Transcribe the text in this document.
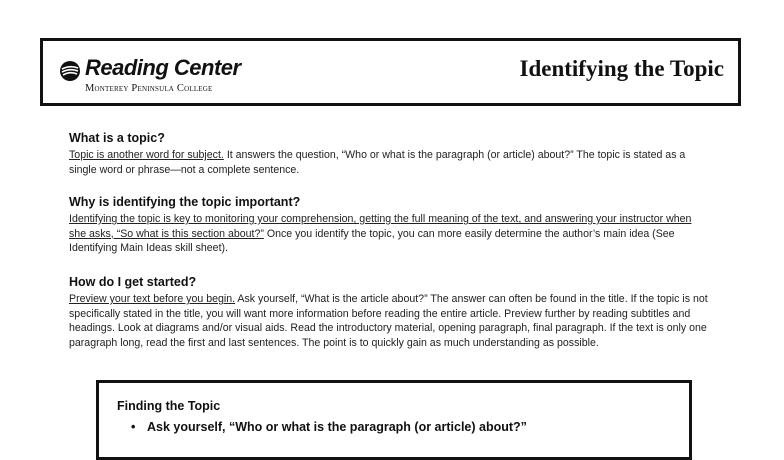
Reading Center
Monterey Peninsula College
Identifying the Topic
What is a topic?

Topic is another word for subject. It answers the question, “Who or what is the paragraph (or article) about?” The topic is stated as a single word or phrase—not a complete sentence.

Why is identifying the topic important?

Identifying the topic is key to monitoring your comprehension, getting the full meaning of the text, and answering your instructor when she asks, “So what is this section about?” Once you identify the topic, you can more easily determine the author’s main idea (See Identifying Main Ideas skill sheet).

How do I get started?

Preview your text before you begin. Ask yourself, “What is the article about?” The answer can often be found in the title. If the topic is not specifically stated in the title, you will want more information before reading the entire article. Preview further by reading subtitles and headings. Look at diagrams and/or visual aids. Read the introductory material, opening paragraph, final paragraph. If the text is only one paragraph long, read the first and last sentences. The point is to quickly gain as much understanding as possible.

Finding the Topic
• Ask yourself, “Who or what is the paragraph (or article) about?”
